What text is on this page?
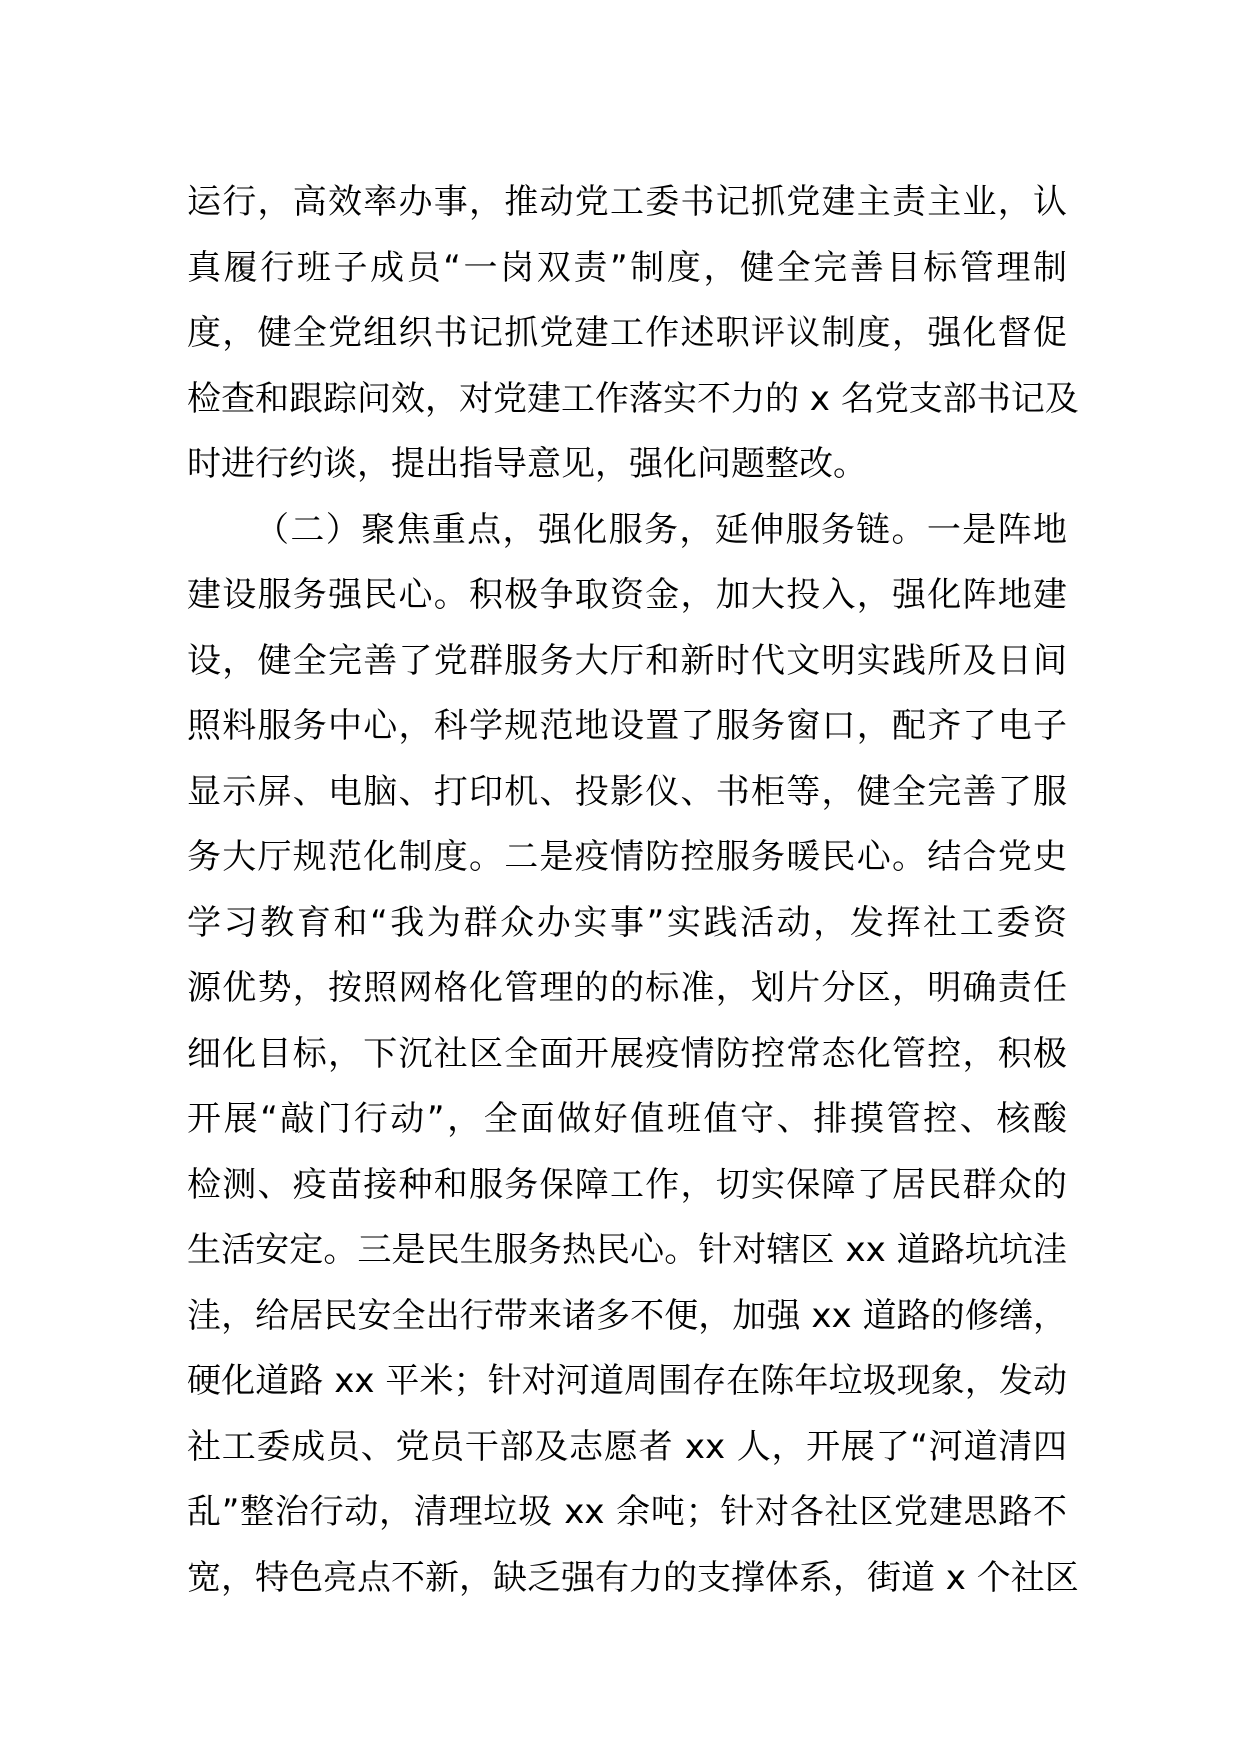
运行，高效率办事，推动党工委书记抓党建主责主业，认
真履行班子成员“一岗双责”制度，健全完善目标管理制
度，健全党组织书记抓党建工作述职评议制度，强化督促
检查和跟踪问效，对党建工作落实不力的 x 名党支部书记及
时进行约谈，提出指导意见，强化问题整改。
（二）聚焦重点，强化服务，延伸服务链。一是阵地
建设服务强民心。积极争取资金，加大投入，强化阵地建
设，健全完善了党群服务大厅和新时代文明实践所及日间
照料服务中心，科学规范地设置了服务窗口，配齐了电子
显示屏、电脑、打印机、投影仪、书柜等，健全完善了服
务大厅规范化制度。二是疫情防控服务暖民心。结合党史
学习教育和“我为群众办实事”实践活动，发挥社工委资
源优势，按照网格化管理的的标准，划片分区，明确责任
细化目标，下沉社区全面开展疫情防控常态化管控，积极
开展“敲门行动”，全面做好值班值守、排摸管控、核酸
检测、疫苗接种和服务保障工作，切实保障了居民群众的
生活安定。三是民生服务热民心。针对辖区 xx 道路坑坑洼
洼，给居民安全出行带来诸多不便，加强 xx 道路的修缮，
硬化道路 xx 平米；针对河道周围存在陈年垃圾现象，发动
社工委成员、党员干部及志愿者 xx 人，开展了“河道清四
乱”整治行动，清理垃圾 xx 余吨；针对各社区党建思路不
宽，特色亮点不新，缺乏强有力的支撑体系，街道 x 个社区
